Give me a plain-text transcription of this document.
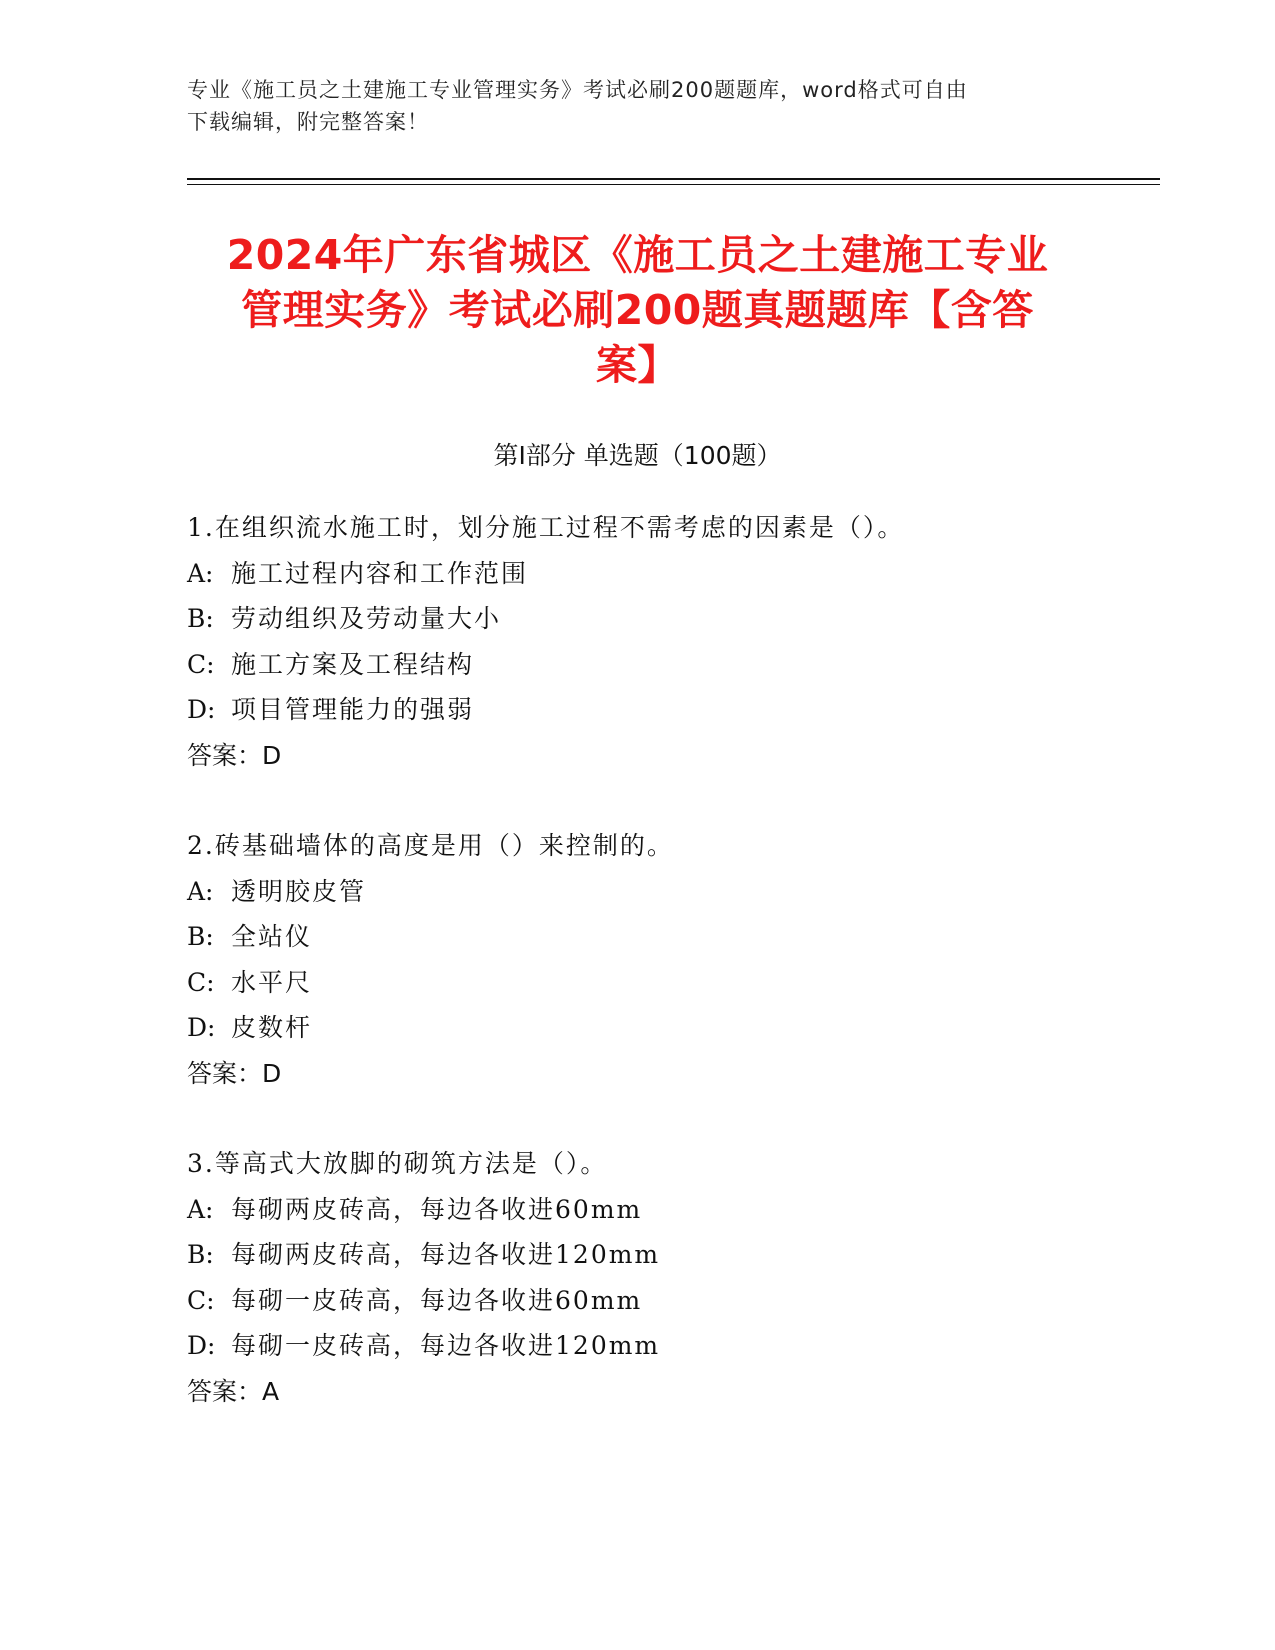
专业《施工员之土建施工专业管理实务》考试必刷200题题库，word格式可自由
下载编辑，附完整答案！
2024年广东省城区《施工员之土建施工专业
管理实务》考试必刷200题真题题库【含答
案】
第Ⅰ部分 单选题（100题）
1.在组织流水施工时，划分施工过程不需考虑的因素是（）。
A: 施工过程内容和工作范围
B: 劳动组织及劳动量大小
C: 施工方案及工程结构
D: 项目管理能力的强弱
答案：D
2.砖基础墙体的高度是用（）来控制的。
A: 透明胶皮管
B: 全站仪
C: 水平尺
D: 皮数杆
答案：D
3.等高式大放脚的砌筑方法是（）。
A: 每砌两皮砖高，每边各收进60mm
B: 每砌两皮砖高，每边各收进120mm
C: 每砌一皮砖高，每边各收进60mm
D: 每砌一皮砖高，每边各收进120mm
答案：A
